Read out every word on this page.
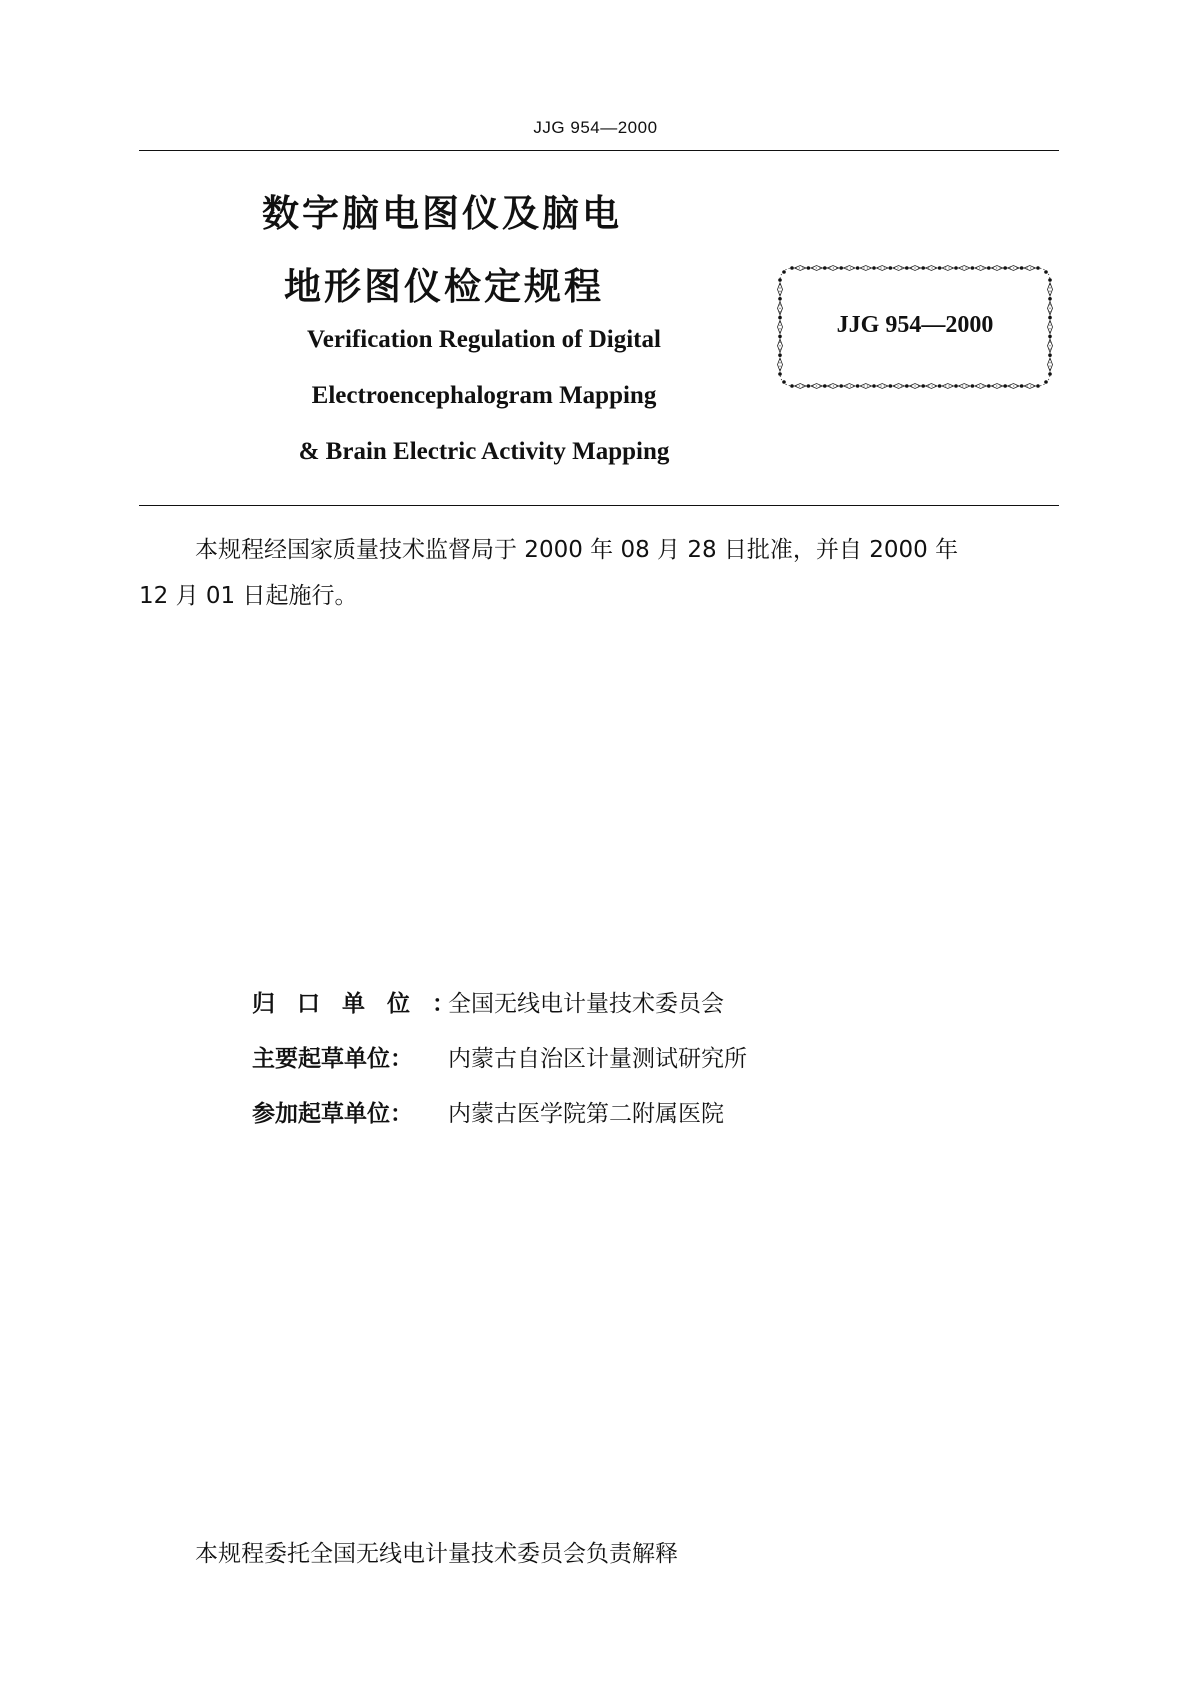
JJG 954—2000
数字脑电图仪及脑电
地形图仪检定规程
Verification Regulation of Digital
Electroencephalogram Mapping
& Brain Electric Activity Mapping
JJG 954—2000
本规程经国家质量技术监督局于 2000 年 08 月 28 日批准，并自 2000 年
12 月 01 日起施行。
归口单位：
全国无线电计量技术委员会
主要起草单位：	内蒙古自治区计量测试研究所
参加起草单位：	内蒙古医学院第二附属医院
本规程委托全国无线电计量技术委员会负责解释
